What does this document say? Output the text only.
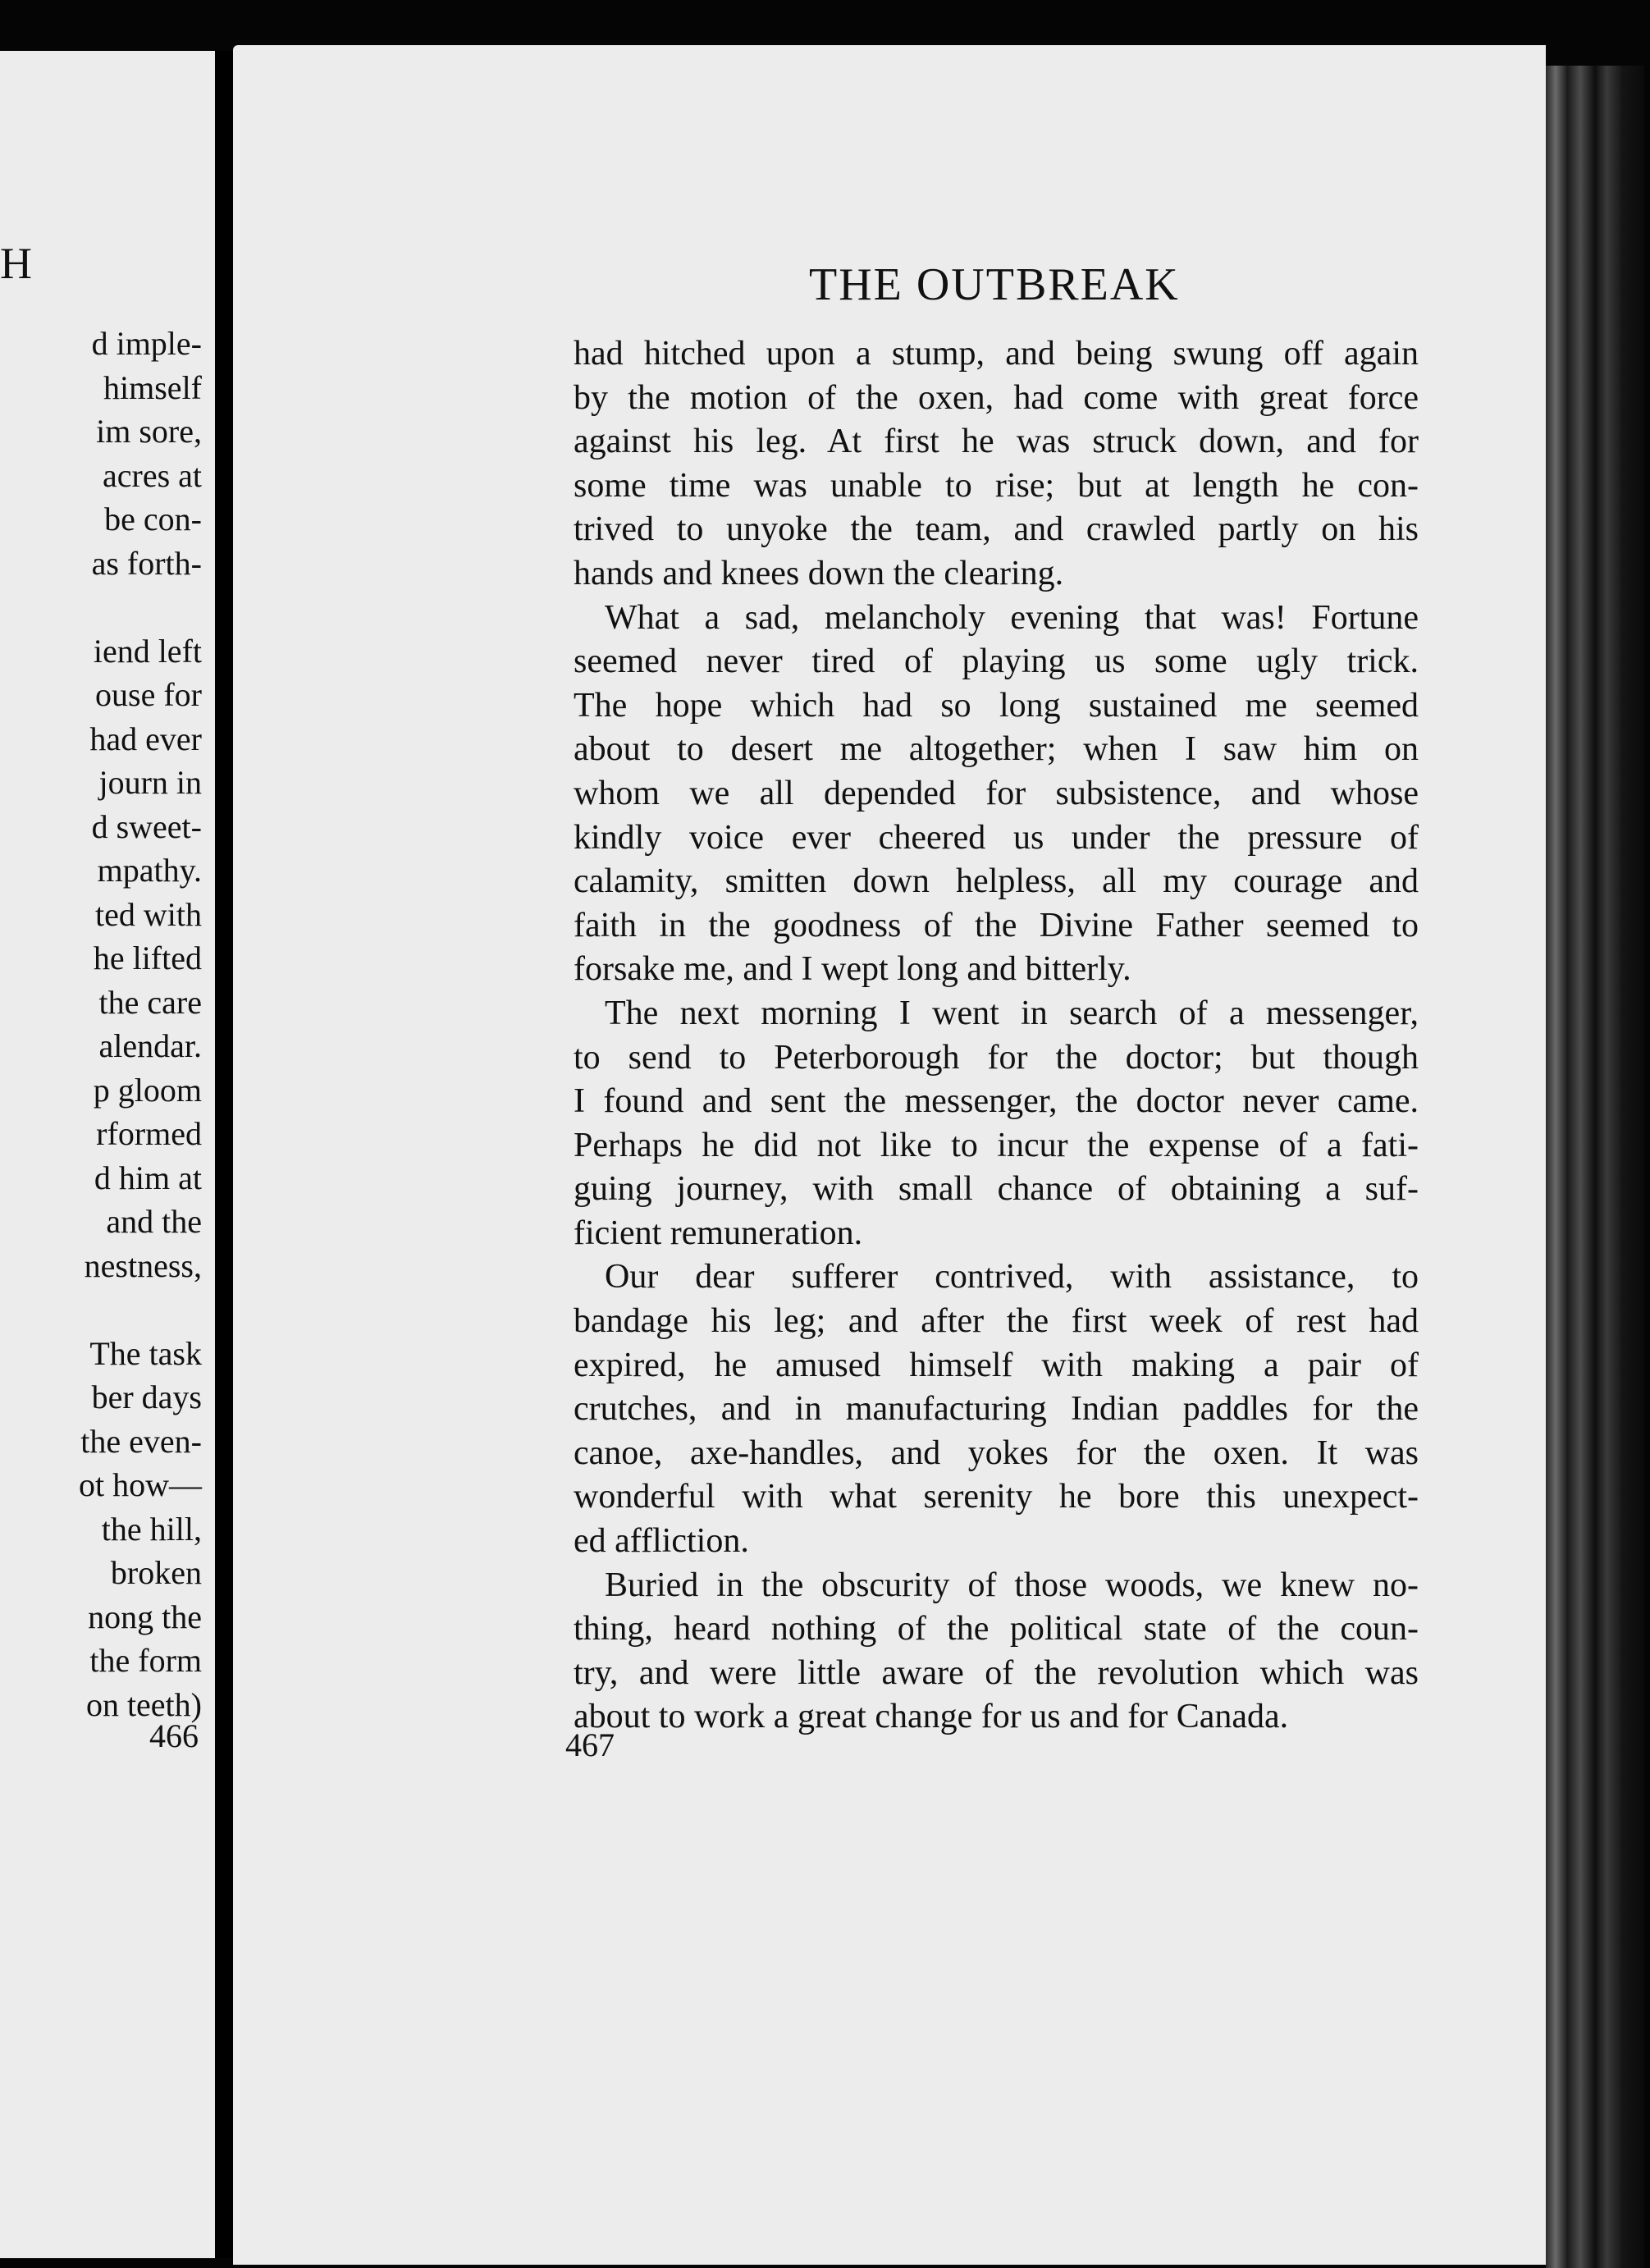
H
d imple-
himself
im sore,
acres at
be con-
as forth-
iend left
ouse for
had ever
journ in
d sweet-
mpathy.
ted with
he lifted
the care
alendar.
p gloom
rformed
d him at
and the
nestness,
The task
ber days
the even-
ot how—
the hill,
broken
nong the
the form
on teeth)
466
THE OUTBREAK
had hitched upon a stump, and being swung off again
by the motion of the oxen, had come with great force
against his leg. At first he was struck down, and for
some time was unable to rise; but at length he con-
trived to unyoke the team, and crawled partly on his
hands and knees down the clearing.
What a sad, melancholy evening that was! Fortune
seemed never tired of playing us some ugly trick.
The hope which had so long sustained me seemed
about to desert me altogether; when I saw him on
whom we all depended for subsistence, and whose
kindly voice ever cheered us under the pressure of
calamity, smitten down helpless, all my courage and
faith in the goodness of the Divine Father seemed to
forsake me, and I wept long and bitterly.
The next morning I went in search of a messenger,
to send to Peterborough for the doctor; but though
I found and sent the messenger, the doctor never came.
Perhaps he did not like to incur the expense of a fati-
guing journey, with small chance of obtaining a suf-
ficient remuneration.
Our dear sufferer contrived, with assistance, to
bandage his leg; and after the first week of rest had
expired, he amused himself with making a pair of
crutches, and in manufacturing Indian paddles for the
canoe, axe-handles, and yokes for the oxen. It was
wonderful with what serenity he bore this unexpect-
ed affliction.
Buried in the obscurity of those woods, we knew no-
thing, heard nothing of the political state of the coun-
try, and were little aware of the revolution which was
about to work a great change for us and for Canada.
467
